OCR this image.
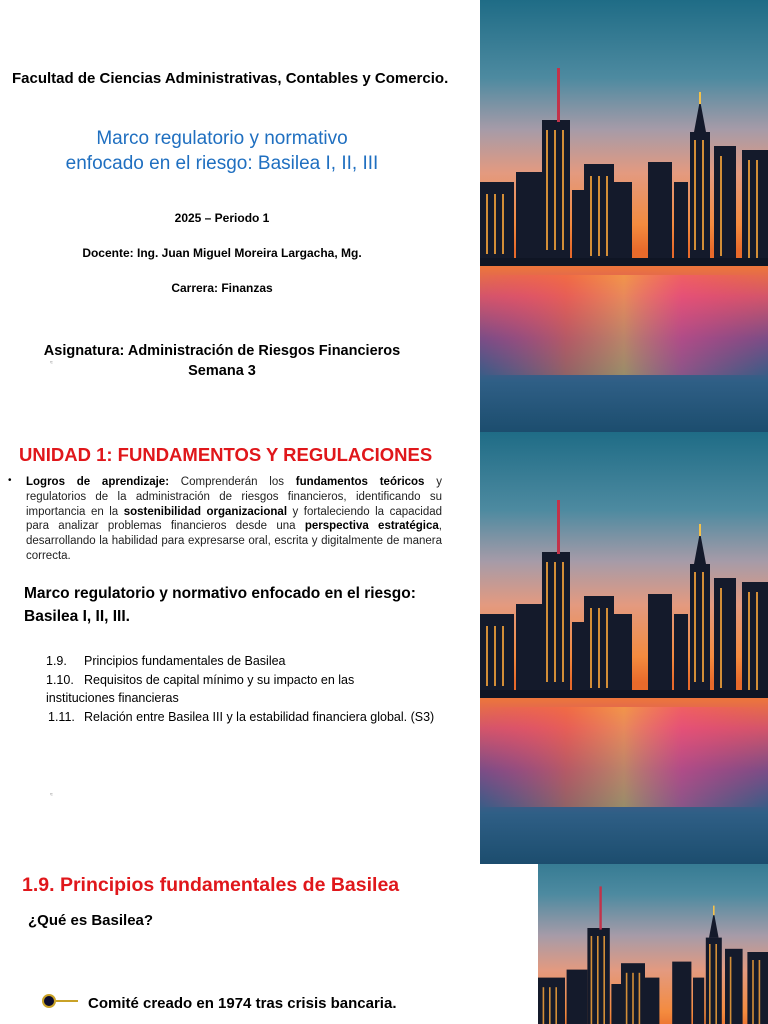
Facultad de Ciencias Administrativas, Contables y Comercio.
Marco regulatorio y normativo
enfocado en el riesgo: Basilea I, II, III
2025 – Periodo 1
Docente: Ing. Juan Miguel Moreira Largacha, Mg.
Carrera: Finanzas
Asignatura: Administración de Riesgos Financieros
Semana 3
≈
UNIDAD 1: FUNDAMENTOS Y REGULACIONES
• Logros de aprendizaje: Comprenderán los fundamentos teóricos y regulatorios de la administración de riesgos financieros, identificando su importancia en la sostenibilidad organizacional y fortaleciendo la capacidad para analizar problemas financieros desde una perspectiva estratégica, desarrollando la habilidad para expresarse oral, escrita y digitalmente de manera correcta.

Marco regulatorio y normativo enfocado en el riesgo:
Basilea I, II, III.
1.9.	Principios fundamentales de Basilea
1.10. Requisitos de capital mínimo y su impacto en las
instituciones financieras
1.11. Relación entre Basilea III y la estabilidad financiera global. (S3)
≈
1.9. Principios fundamentales de Basilea
¿Qué es Basilea?
Comité creado en 1974 tras crisis bancaria.
